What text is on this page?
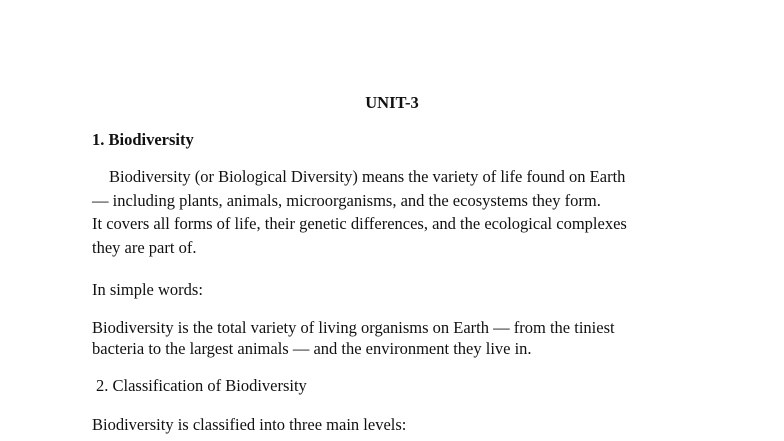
UNIT-3

1. Biodiversity

Biodiversity (or Biological Diversity) means the variety of life found on Earth

— including plants, animals, microorganisms, and the ecosystems they form.

It covers all forms of life, their genetic differences, and the ecological complexes

they are part of.

In simple words:

Biodiversity is the total variety of living organisms on Earth — from the tiniest

bacteria to the largest animals — and the environment they live in.

2. Classification of Biodiversity

Biodiversity is classified into three main levels:
